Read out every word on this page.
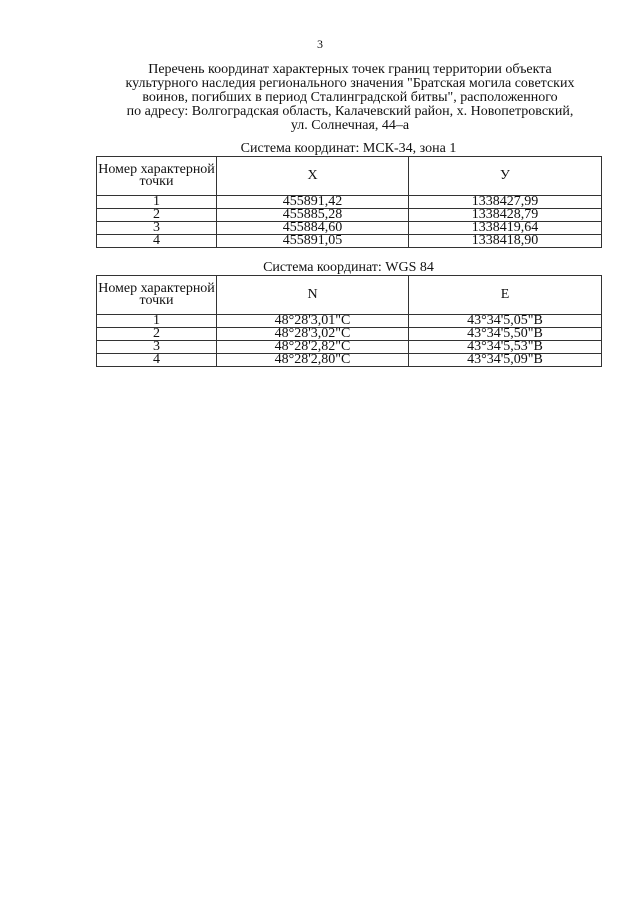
3
Перечень координат характерных точек границ территории объекта
культурного наследия регионального значения "Братская могила советских
воинов, погибших в период Сталинградской битвы", расположенного
по адресу: Волгоградская область, Калачевский район, х. Новопетровский,
ул. Солнечная, 44–а
Система координат: МСК-34, зона 1
Номер характерной точки	Х	У
1	455891,42	1338427,99
2	455885,28	1338428,79
3	455884,60	1338419,64
4	455891,05	1338418,90
Система координат: WGS 84
Номер характерной точки	N	E
1	48°28'3,01"С	43°34'5,05"В
2	48°28'3,02"С	43°34'5,50"В
3	48°28'2,82"С	43°34'5,53"В
4	48°28'2,80"С	43°34'5,09"В
